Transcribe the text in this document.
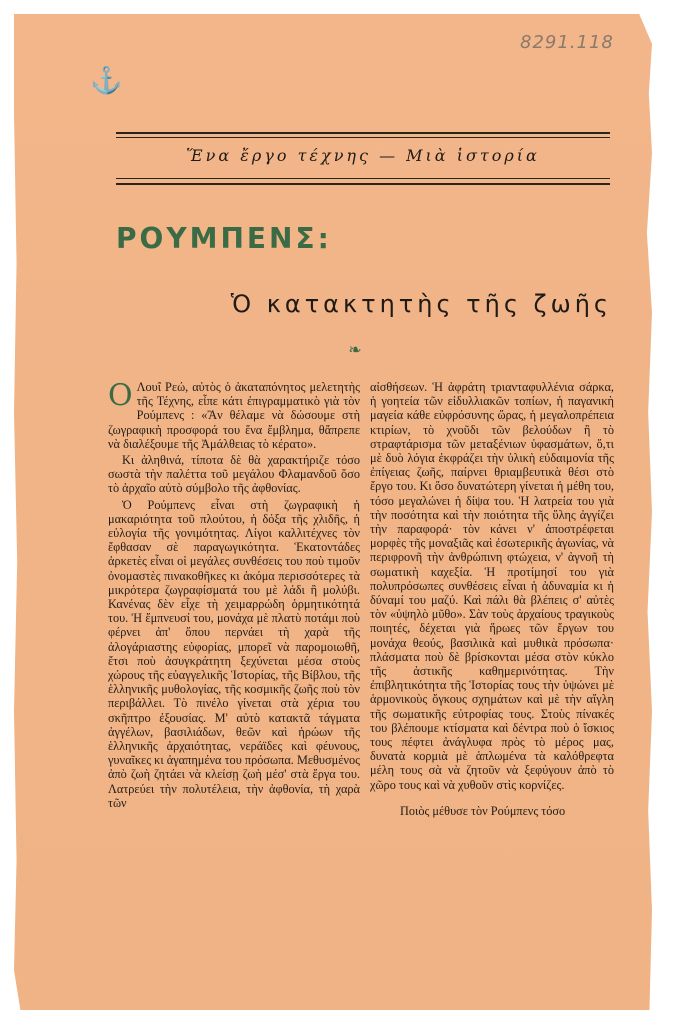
8291.118
⚓
Ἕνα ἔργο τέχνης — Μιὰ ἱστορία
ΡΟΥΜΠΕΝΣ:
Ὁ κατακτητὴς τῆς ζωῆς
❧

Ο Λουΐ Ρεώ, αὐτὸς ὁ ἀκαταπόνητος μελετητὴς τῆς Τέχνης, εἶπε κάτι ἐπιγραμματικὸ γιὰ τὸν Ρούμπενς : «Ἂν θέλαμε νὰ δώσουμε στὴ ζωγραφικὴ προσφορά του ἕνα ἔμβλημα, θἄπρεπε νὰ διαλέξουμε τῆς Ἀμάλθειας τὸ κέρατο».

Κι ἀληθινά, τίποτα δὲ θὰ χαρακτήριζε τόσο σωστὰ τὴν παλέττα τοῦ μεγάλου Φλαμανδοῦ ὅσο τὸ ἀρχαῖο αὐτὸ σύμβολο τῆς ἀφθονίας.

Ὁ Ρούμπενς εἶναι στὴ ζωγραφικὴ ἡ μακαριότητα τοῦ πλούτου, ἡ δόξα τῆς χλιδῆς, ἡ εὐλογία τῆς γονιμότητας. Λίγοι καλλιτέχνες τὸν ἔφθασαν σὲ παραγωγικότητα. Ἑκατοντάδες ἀρκετὲς εἶναι οἱ μεγάλες συνθέσεις του ποὺ τιμοῦν ὀνομαστὲς πινακοθῆκες κι ἀκόμα περισσότερες τὰ μικρότερα ζωγραφίσματά του μὲ λάδι ἢ μολύβι. Κανένας δὲν εἶχε τὴ χειμαρρώδη ὁρμητικότητά του. Ἡ ἔμπνευσί του, μονάχα μὲ πλατὺ ποτάμι ποὺ φέρνει ἀπ' ὅπου περνάει τὴ χαρὰ τῆς ἀλογάριαστης εὐφορίας, μπορεῖ νὰ παρομοιωθῆ, ἔτσι ποὺ ἀσυγκράτητη ξεχύνεται μέσα στοὺς χώρους τῆς εὐαγγελικῆς Ἱστορίας, τῆς Βίβλου, τῆς ἑλληνικῆς μυθολογίας, τῆς κοσμικῆς ζωῆς ποὺ τὸν περιβάλλει. Τὸ πινέλο γίνεται στὰ χέρια του σκῆπτρο ἐξουσίας. Μ' αὐτὸ κατακτᾶ τάγματα ἀγγέλων, βασιλιάδων, θεῶν καὶ ἡρώων τῆς ἑλληνικῆς ἀρχαιότητας, νεράϊδες καὶ φέυνους, γυναῖκες κι ἀγαπημένα του πρόσωπα. Μεθυσμένος ἀπὸ ζωὴ ζητάει νὰ κλείσῃ ζωὴ μέσ' στὰ ἔργα του. Λατρεύει τὴν πολυτέλεια, τὴν ἀφθονία, τὴ χαρὰ τῶν

αἰσθήσεων. Ἡ ἀφράτη τριανταφυλλένια σάρκα, ἡ γοητεία τῶν εἰδυλλιακῶν τοπίων, ἡ παγανικὴ μαγεία κάθε εὐφρόσυνης ὥρας, ἡ μεγαλοπρέπεια κτιρίων, τὸ χνοῦδι τῶν βελούδων ἢ τὸ στραφτάρισμα τῶν μεταξένιων ὑφασμάτων, ὅ,τι μὲ δυὸ λόγια ἐκφράζει τὴν ὑλικὴ εὐδαιμονία τῆς ἐπίγειας ζωῆς, παίρνει θριαμβευτικὰ θέσι στὸ ἔργο του. Κι ὅσο δυνατώτερη γίνεται ἡ μέθη του, τόσο μεγαλώνει ἡ δίψα του. Ἡ λατρεία του γιὰ τὴν ποσότητα καὶ τὴν ποιότητα τῆς ὕλης ἀγγίζει τὴν παραφορά· τὸν κάνει ν' ἀποστρέφεται μορφὲς τῆς μοναξιᾶς καὶ ἐσωτερικῆς ἀγωνίας, νὰ περιφρονῆ τὴν ἀνθρώπινη φτώχεια, ν' ἀγνοῆ τὴ σωματικὴ καχεξία. Ἡ προτίμησί του γιὰ πολυπρόσωπες συνθέσεις εἶναι ἡ ἀδυναμία κι ἡ δύναμί του μαζύ. Καὶ πάλι θὰ βλέπεις σ' αὐτὲς τὸν «ὑψηλὸ μῦθο». Σὰν τοὺς ἀρχαίους τραγικοὺς ποιητές, δέχεται γιὰ ἥρωες τῶν ἔργων του μονάχα θεούς, βασιλικὰ καὶ μυθικὰ πρόσωπα· πλάσματα ποὺ δὲ βρίσκονται μέσα στὸν κύκλο τῆς ἀστικῆς καθημερινότητας. Τὴν ἐπιβλητικότητα τῆς Ἱστορίας τους τὴν ὑψώνει μὲ ἁρμονικοὺς ὄγκους σχημάτων καὶ μὲ τὴν αἴγλη τῆς σωματικῆς εὐτροφίας τους. Στοὺς πίνακές του βλέπουμε κτίσματα καὶ δέντρα ποὺ ὁ ἴσκιος τους πέφτει ἀνάγλυφα πρὸς τὸ μέρος μας, δυνατὰ κορμιὰ μὲ ἁπλωμένα τὰ καλόθρεφτα μέλη τους σὰ νὰ ζητοῦν νὰ ξεφύγουν ἀπὸ τὸ χῶρο τους καὶ νὰ χυθοῦν στὶς κορνίζες.

Ποιὸς μέθυσε τὸν Ρούμπενς τόσο
